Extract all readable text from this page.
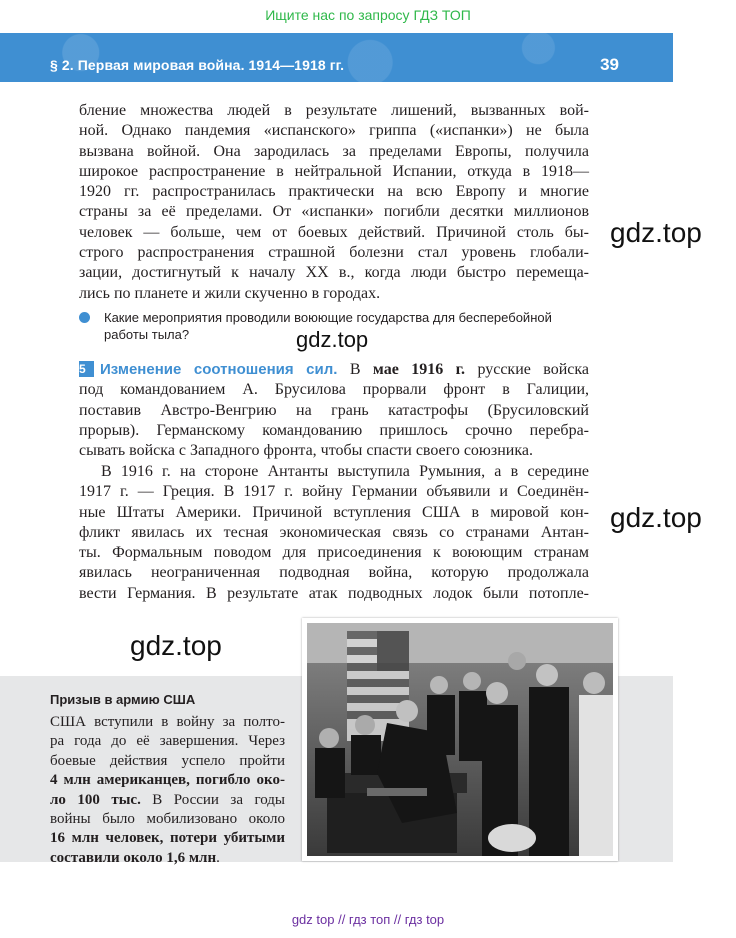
Ищите нас по запросу ГДЗ ТОП
§ 2. Первая мировая война. 1914—1918 гг.	39
бление множества людей в результате лишений, вызванных вой-
ной. Однако пандемия «испанского» гриппа («испанки») не была
вызвана войной. Она зародилась за пределами Европы, получила
широкое распространение в нейтральной Испании, откуда в 1918—
1920 гг. распространилась практически на всю Европу и многие
страны за её пределами. От «испанки» погибли десятки миллионов
человек — больше, чем от боевых действий. Причиной столь бы-
строго распространения страшной болезни стал уровень глобали-
зации, достигнутый к началу XX в., когда люди быстро перемеща-
лись по планете и жили скученно в городах.
Какие мероприятия проводили воюющие государства для бесперебойной
работы тыла?
gdz.top
gdz.top
gdz.top
gdz.top
5 Изменение соотношения сил. В мае 1916 г. русские войска
под командованием А. Брусилова прорвали фронт в Галиции,
поставив Австро-Венгрию на грань катастрофы (Брусиловский
прорыв). Германскому командованию пришлось срочно перебра-
сывать войска с Западного фронта, чтобы спасти своего союзника.
В 1916 г. на стороне Антанты выступила Румыния, а в середине
1917 г. — Греция. В 1917 г. войну Германии объявили и Соединён-
ные Штаты Америки. Причиной вступления США в мировой кон-
фликт явилась их тесная экономическая связь со странами Антан-
ты. Формальным поводом для присоединения к воюющим странам
явилась неограниченная подводная война, которую продолжала
вести Германия. В результате атак подводных лодок были потопле-
Призыв в армию США
США вступили в войну за полто-
ра года до её завершения. Через
боевые действия успело пройти
4 млн американцев, погибло око-
ло 100 тыс. В России за годы
войны было мобилизовано около
16 млн человек, потери убитыми
составили около 1,6 млн.
gdz top // гдз топ // гдз top
